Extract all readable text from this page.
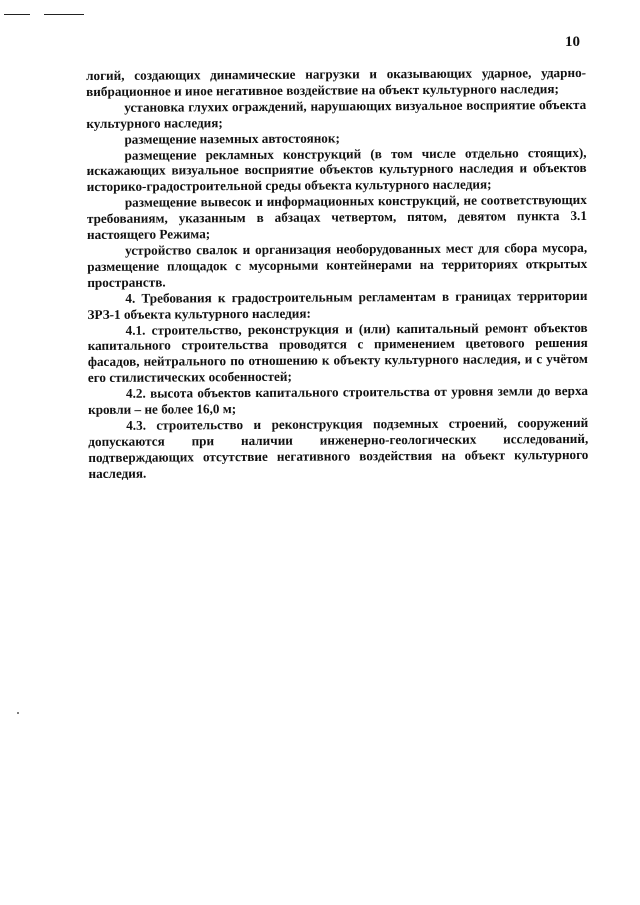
10

логий, создающих динамические нагрузки и оказывающих ударное, ударно-вибрационное и иное негативное воздействие на объект культурного наследия;

установка глухих ограждений, нарушающих визуальное восприятие объекта культурного наследия;

размещение наземных автостоянок;

размещение рекламных конструкций (в том числе отдельно стоящих), искажающих визуальное восприятие объектов культурного наследия и объектов историко-градостроительной среды объекта культурного наследия;

размещение вывесок и информационных конструкций, не соответствующих требованиям, указанным в абзацах четвертом, пятом, девятом пункта 3.1 настоящего Режима;

устройство свалок и организация необорудованных мест для сбора мусора, размещение площадок с мусорными контейнерами на территориях открытых пространств.

4. Требования к градостроительным регламентам в границах территории ЗРЗ-1 объекта культурного наследия:

4.1. строительство, реконструкция и (или) капитальный ремонт объектов капитального строительства проводятся с применением цветового решения фасадов, нейтрального по отношению к объекту культурного наследия, и с учётом его стилистических особенностей;

4.2. высота объектов капитального строительства от уровня земли до верха кровли – не более 16,0 м;

4.3. строительство и реконструкция подземных строений, сооружений допускаются при наличии инженерно-геологических исследований, подтверждающих отсутствие негативного воздействия на объект культурного наследия.
